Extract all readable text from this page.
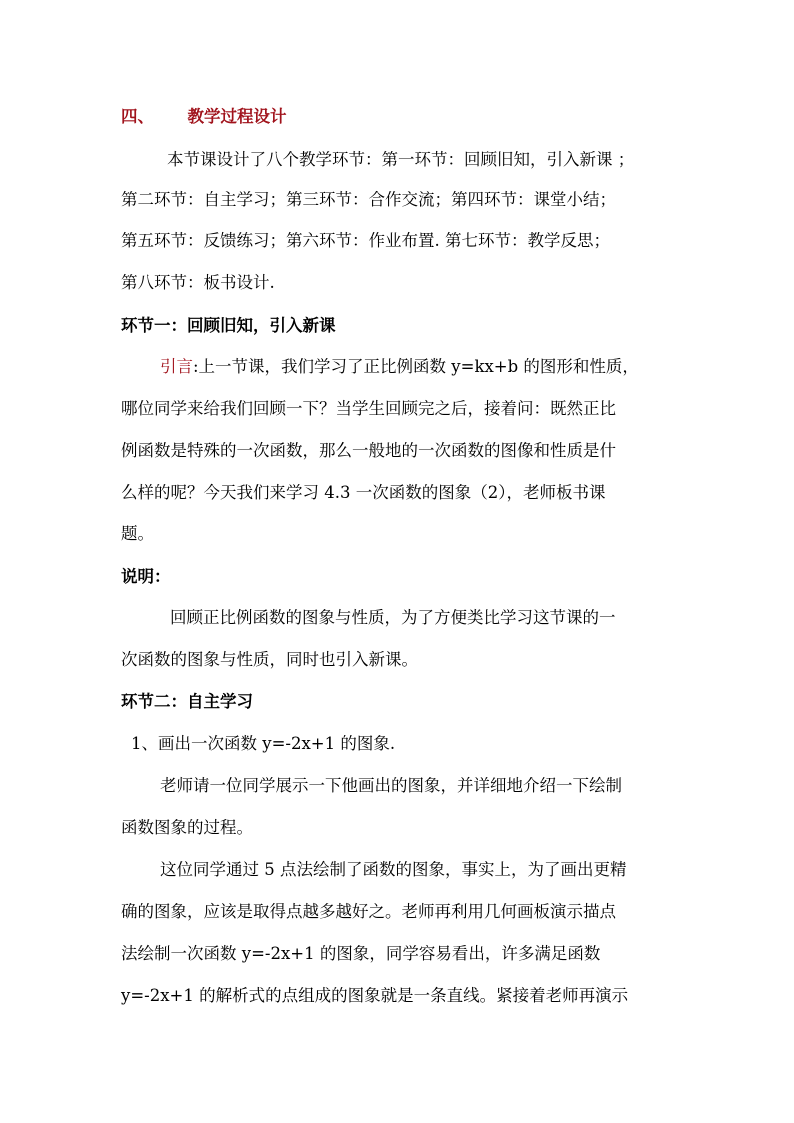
四、 教学过程设计
本节课设计了八个教学环节：第一环节：回顾旧知，引入新课 ；
第二环节：自主学习；第三环节：合作交流；第四环节：课堂小结；
第五环节：反馈练习；第六环节：作业布置. 第七环节：教学反思；
第八环节：板书设计.
环节一：回顾旧知，引入新课
引言:上一节课，我们学习了正比例函数 y=kx+b 的图形和性质，
哪位同学来给我们回顾一下？当学生回顾完之后，接着问：既然正比
例函数是特殊的一次函数，那么一般地的一次函数的图像和性质是什
么样的呢？今天我们来学习 4.3 一次函数的图象（2），老师板书课
题。
说明：
回顾正比例函数的图象与性质，为了方便类比学习这节课的一
次函数的图象与性质，同时也引入新课。
环节二：自主学习
1、画出一次函数 y=-2x+1 的图象.
老师请一位同学展示一下他画出的图象，并详细地介绍一下绘制
函数图象的过程。
这位同学通过 5 点法绘制了函数的图象，事实上，为了画出更精
确的图象，应该是取得点越多越好之。老师再利用几何画板演示描点
法绘制一次函数 y=-2x+1 的图象，同学容易看出，许多满足函数
y=-2x+1 的解析式的点组成的图象就是一条直线。紧接着老师再演示
